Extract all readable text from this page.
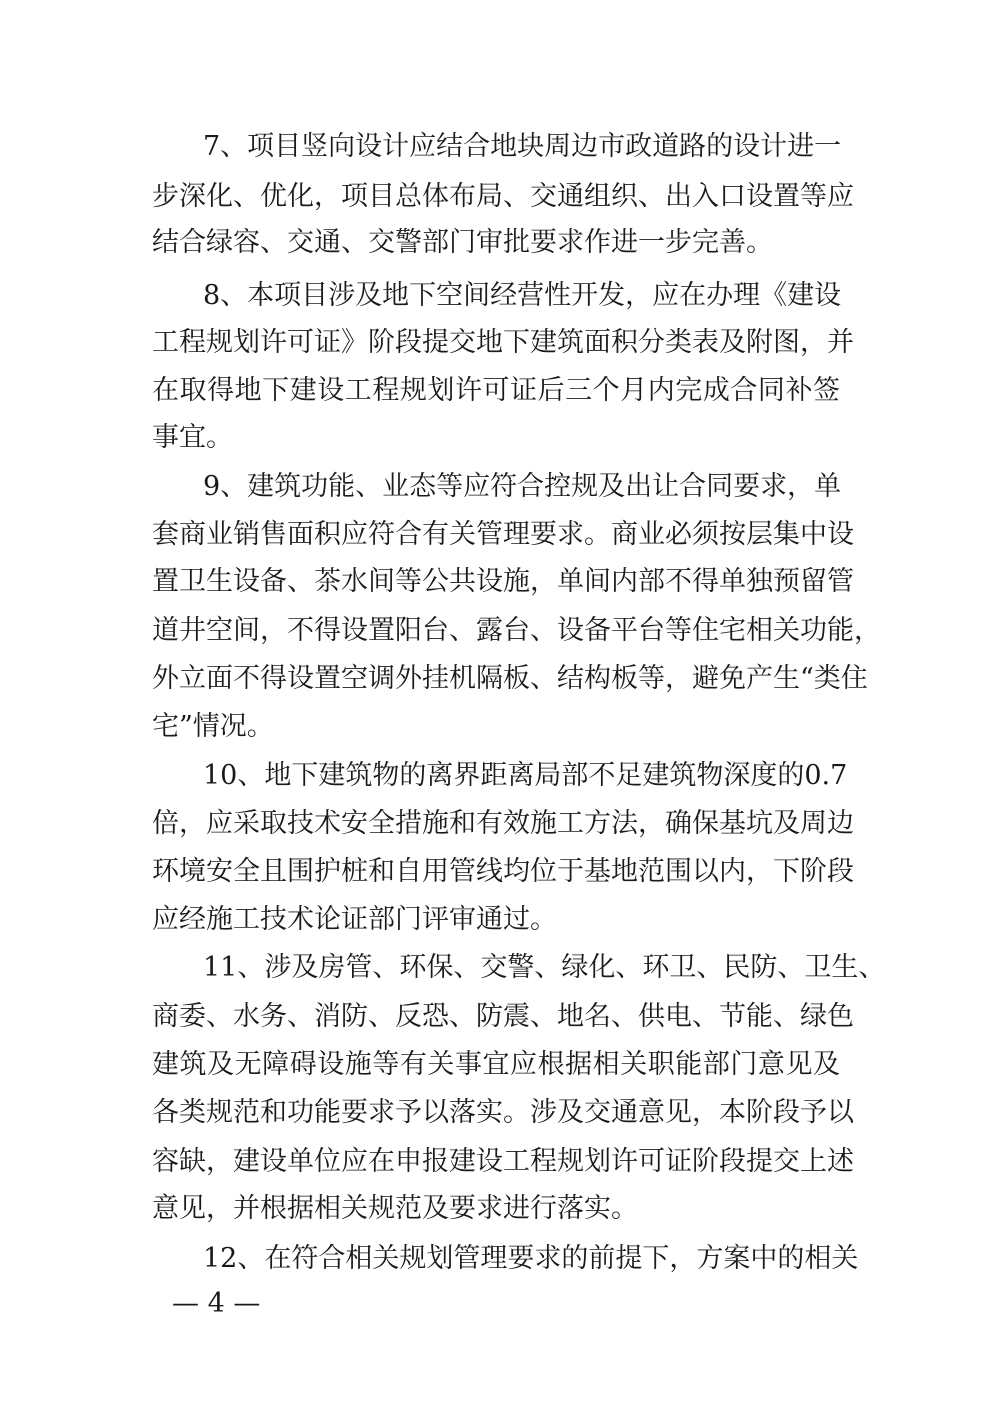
7、项目竖向设计应结合地块周边市政道路的设计进一
步深化、优化，项目总体布局、交通组织、出入口设置等应
结合绿容、交通、交警部门审批要求作进一步完善。
8、本项目涉及地下空间经营性开发，应在办理《建设
工程规划许可证》阶段提交地下建筑面积分类表及附图，并
在取得地下建设工程规划许可证后三个月内完成合同补签
事宜。
9、建筑功能、业态等应符合控规及出让合同要求，单
套商业销售面积应符合有关管理要求。商业必须按层集中设
置卫生设备、茶水间等公共设施，单间内部不得单独预留管
道井空间，不得设置阳台、露台、设备平台等住宅相关功能，
外立面不得设置空调外挂机隔板、结构板等，避免产生“类住
宅”情况。
10、地下建筑物的离界距离局部不足建筑物深度的0.7
倍，应采取技术安全措施和有效施工方法，确保基坑及周边
环境安全且围护桩和自用管线均位于基地范围以内，下阶段
应经施工技术论证部门评审通过。
11、涉及房管、环保、交警、绿化、环卫、民防、卫生、
商委、水务、消防、反恐、防震、地名、供电、节能、绿色
建筑及无障碍设施等有关事宜应根据相关职能部门意见及
各类规范和功能要求予以落实。涉及交通意见，本阶段予以
容缺，建设单位应在申报建设工程规划许可证阶段提交上述
意见，并根据相关规范及要求进行落实。
12、在符合相关规划管理要求的前提下，方案中的相关
— 4 —
